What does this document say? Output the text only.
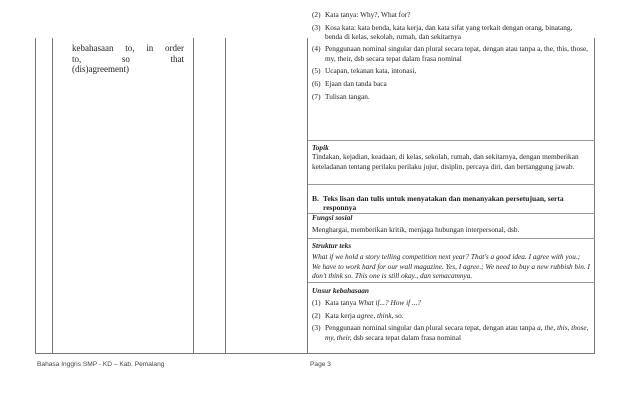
kebahasaan to, in order
to,	so	that
(dis)agreement)
(2) Kata tanya: Why?, What for?
(3) Kosa kata: kata benda, kata kerja, dan kata sifat yang terkait dengan orang, binatang, benda di kelas, sekolah, rumah, dan sekitarnya
(4) Penggunaan nominal singular dan plural secara tepat, dengan atau tanpa a, the, this, those, my, their, dsb secara tepat dalam frasa nominal
(5) Ucapan, tekanan kata, intonasi,
(6) Ejaan dan tanda baca
(7) Tulisan tangan.
Topik
Tindakan, kejadian, keadaan, di kelas, sekolah, rumah, dan sekitarnya, dengan memberikan keteladanan tentang perilaku perilaku jujur, disiplin, percaya diri, dan bertanggung jawab.
B. Teks lisan dan tulis untuk menyatakan dan menanyakan persetujuan, serta responnya
Fungsi sosial
Menghargai, memberikan kritik, menjaga hubungan interpersonal, dsb.
Struktur teks
What if we hold a story telling competition next year? That's a good idea. I agree with you.; We have to work hard for our wall magazine. Yes, I agree.; We need to buy a new rubbish bin. I don't think so. This one is still okay., dan semacamnya.
Unsur kebahasaan
(1) Kata tanya What if...? How if ...?
(2) Kata kerja agree, think, so.
(3) Penggunaan nominal singular dan plural secara tepat, dengan atau tanpa a, the, this, those, my, their, dsb secara tepat dalam frasa nominal
Bahasa Inggris SMP - KD – Kab. Pemalang	Page 3
